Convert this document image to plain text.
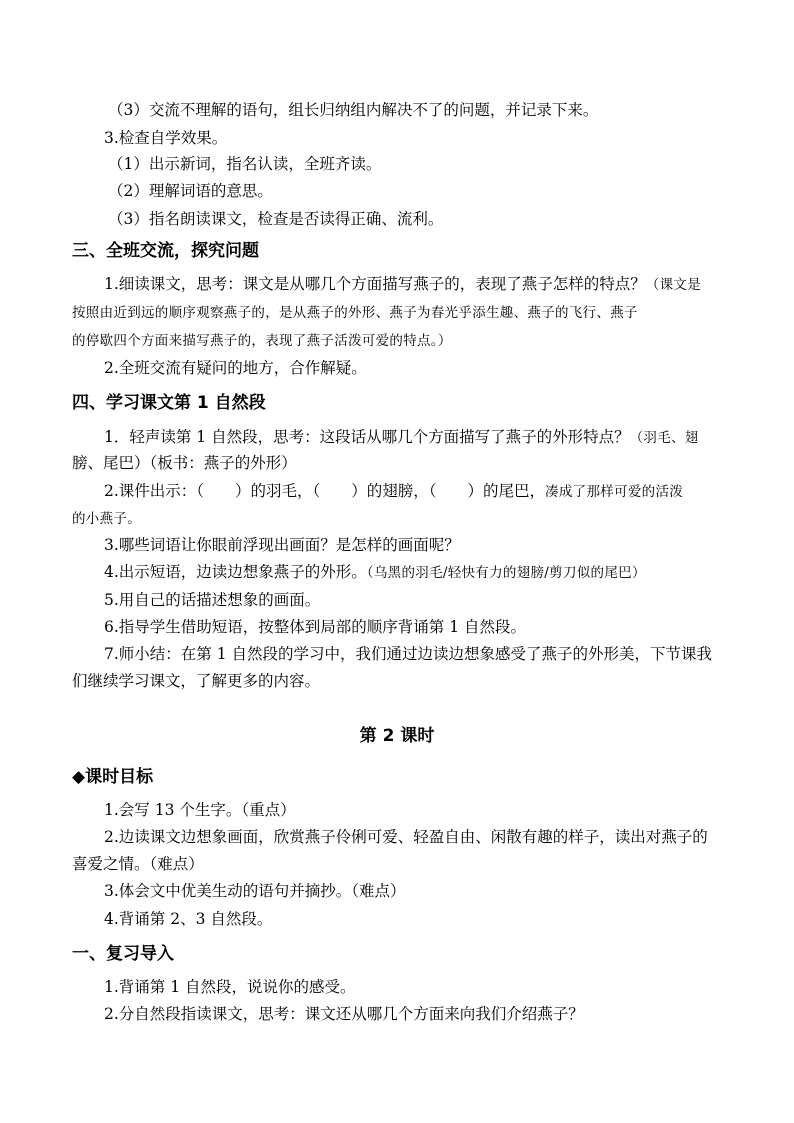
（3）交流不理解的语句，组长归纳组内解决不了的问题，并记录下来。
3.检查自学效果。
（1）出示新词，指名认读，全班齐读。
（2）理解词语的意思。
（3）指名朗读课文，检查是否读得正确、流利。
三、全班交流，探究问题
1.细读课文，思考：课文是从哪几个方面描写燕子的，表现了燕子怎样的特点？（课文是
按照由近到远的顺序观察燕子的，是从燕子的外形、燕子为春光乎添生趣、燕子的飞行、燕子
的停歇四个方面来描写燕子的，表现了燕子活泼可爱的特点。）
2.全班交流有疑问的地方，合作解疑。
四、学习课文第 1 自然段
1．轻声读第 1 自然段，思考：这段话从哪几个方面描写了燕子的外形特点？（羽毛、翅
膀、尾巴）（板书：燕子的外形）
2.课件出示：（　　）的羽毛，（　　）的翅膀，（　　）的尾巴，凑成了那样可爱的活泼
的小燕子。
3.哪些词语让你眼前浮现出画面？是怎样的画面呢？
4.出示短语，边读边想象燕子的外形。（乌黑的羽毛/轻快有力的翅膀/剪刀似的尾巴）
5.用自己的话描述想象的画面。
6.指导学生借助短语，按整体到局部的顺序背诵第 1 自然段。
7.师小结：在第 1 自然段的学习中，我们通过边读边想象感受了燕子的外形美，下节课我
们继续学习课文，了解更多的内容。
第 2 课时
◆课时目标
1.会写 13 个生字。（重点）
2.边读课文边想象画面，欣赏燕子伶俐可爱、轻盈自由、闲散有趣的样子，读出对燕子的
喜爱之情。（难点）
3.体会文中优美生动的语句并摘抄。（难点）
4.背诵第 2、3 自然段。
一、复习导入
1.背诵第 1 自然段，说说你的感受。
2.分自然段指读课文，思考：课文还从哪几个方面来向我们介绍燕子？
